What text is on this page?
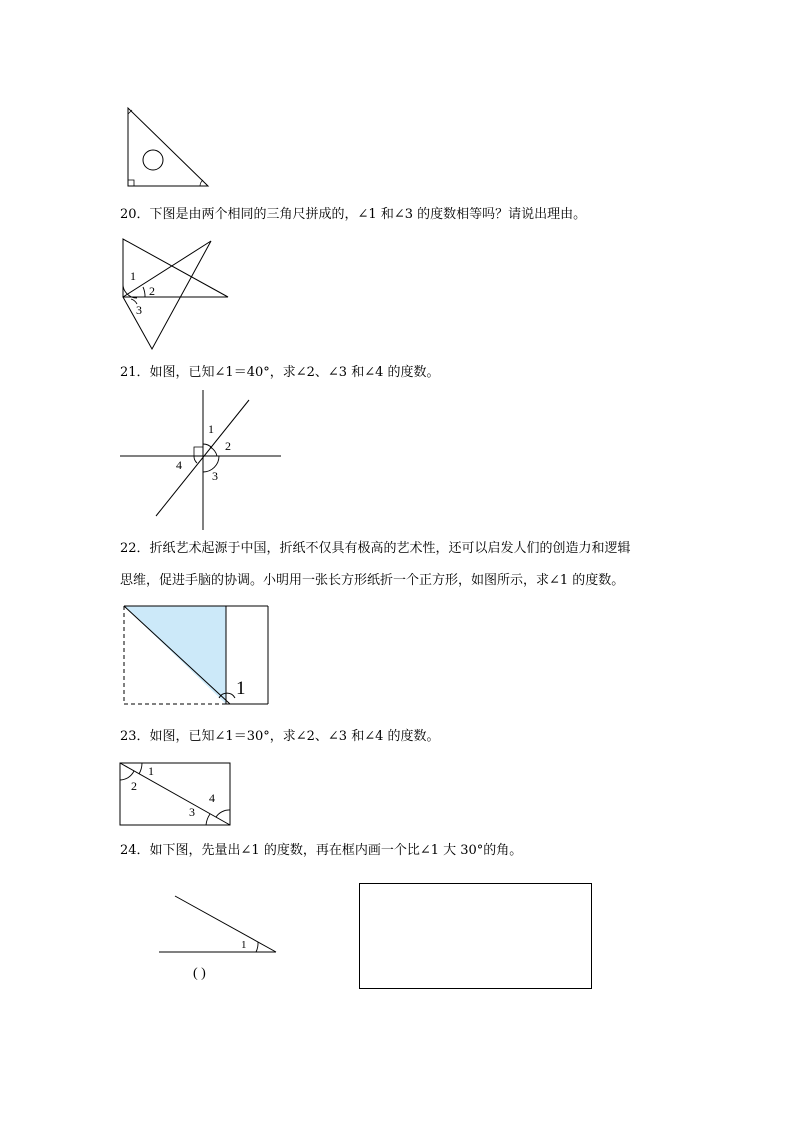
20．下图是由两个相同的三角尺拼成的，∠1 和∠3 的度数相等吗？请说出理由。
1
2
3
21．如图，已知∠1＝40°，求∠2、∠3 和∠4 的度数。
1
2
3
4
22．折纸艺术起源于中国，折纸不仅具有极高的艺术性，还可以启发人们的创造力和逻辑
思维，促进手脑的协调。小明用一张长方形纸折一个正方形，如图所示，求∠1 的度数。
1
23．如图，已知∠1＝30°，求∠2、∠3 和∠4 的度数。
1
2
3
4
24．如下图，先量出∠1 的度数，再在框内画一个比∠1 大 30°的角。
1
( )
